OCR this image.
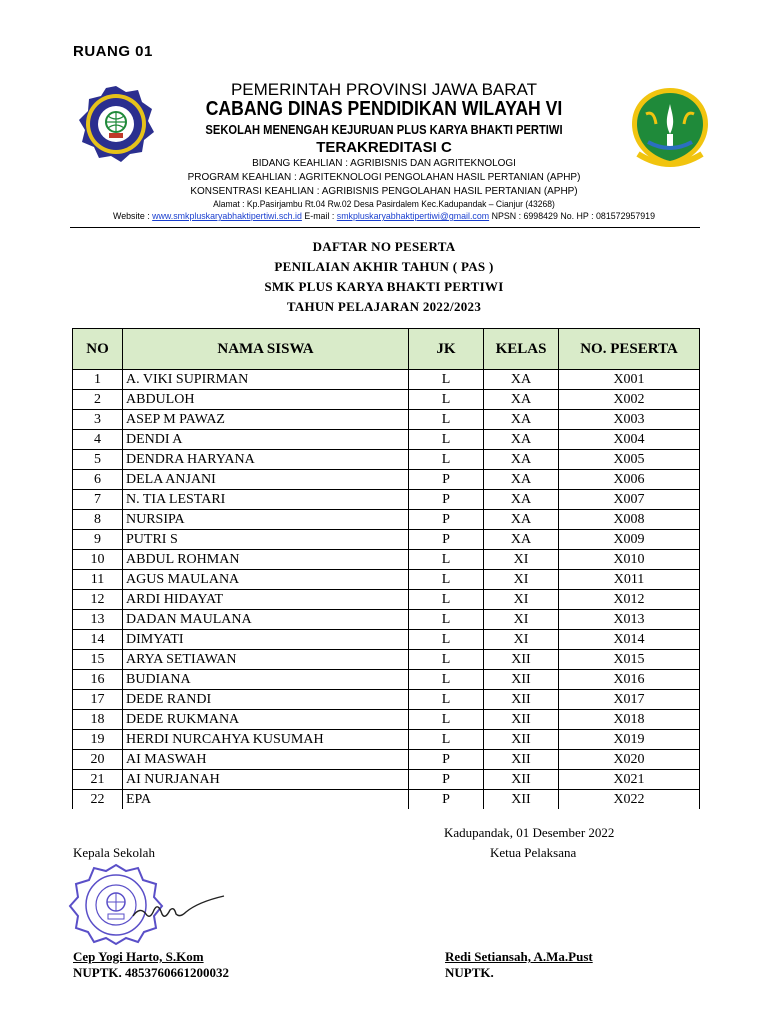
RUANG 01
PEMERINTAH PROVINSI JAWA BARAT
CABANG DINAS PENDIDIKAN WILAYAH VI
SEKOLAH MENENGAH KEJURUAN PLUS KARYA BHAKTI PERTIWI
TERAKREDITASI C
BIDANG KEAHLIAN : AGRIBISNIS DAN AGRITEKNOLOGI
PROGRAM KEAHLIAN : AGRITEKNOLOGI PENGOLAHAN HASIL PERTANIAN (APHP)
KONSENTRASI KEAHLIAN : AGRIBISNIS PENGOLAHAN HASIL PERTANIAN (APHP)
Alamat : Kp.Pasirjambu Rt.04 Rw.02 Desa Pasirdalem Kec.Kadupandak – Cianjur (43268)
Website : www.smkpluskaryabhaktipertiwi.sch.id E-mail : smkpluskaryabhaktipertiwi@gmail.com NPSN : 6998429 No. HP : 081572957919
DAFTAR NO PESERTA
PENILAIAN AKHIR TAHUN ( PAS )
SMK PLUS KARYA BHAKTI PERTIWI
TAHUN PELAJARAN 2022/2023
NO	NAMA SISWA	JK	KELAS	NO. PESERTA
1	A. VIKI SUPIRMAN	L	XA	X001
2	ABDULOH	L	XA	X002
3	ASEP M PAWAZ	L	XA	X003
4	DENDI A	L	XA	X004
5	DENDRA HARYANA	L	XA	X005
6	DELA ANJANI	P	XA	X006
7	N. TIA LESTARI	P	XA	X007
8	NURSIPA	P	XA	X008
9	PUTRI S	P	XA	X009
10	ABDUL ROHMAN	L	XI	X010
11	AGUS MAULANA	L	XI	X011
12	ARDI HIDAYAT	L	XI	X012
13	DADAN MAULANA	L	XI	X013
14	DIMYATI	L	XI	X014
15	ARYA SETIAWAN	L	XII	X015
16	BUDIANA	L	XII	X016
17	DEDE RANDI	L	XII	X017
18	DEDE RUKMANA	L	XII	X018
19	HERDI NURCAHYA KUSUMAH	L	XII	X019
20	AI MASWAH	P	XII	X020
21	AI NURJANAH	P	XII	X021
22	EPA	P	XII	X022
Kadupandak, 01 Desember 2022
Kepala Sekolah	Ketua Pelaksana
Cep Yogi Harto, S.Kom
NUPTK. 4853760661200032
Redi Setiansah, A.Ma.Pust
NUPTK.
